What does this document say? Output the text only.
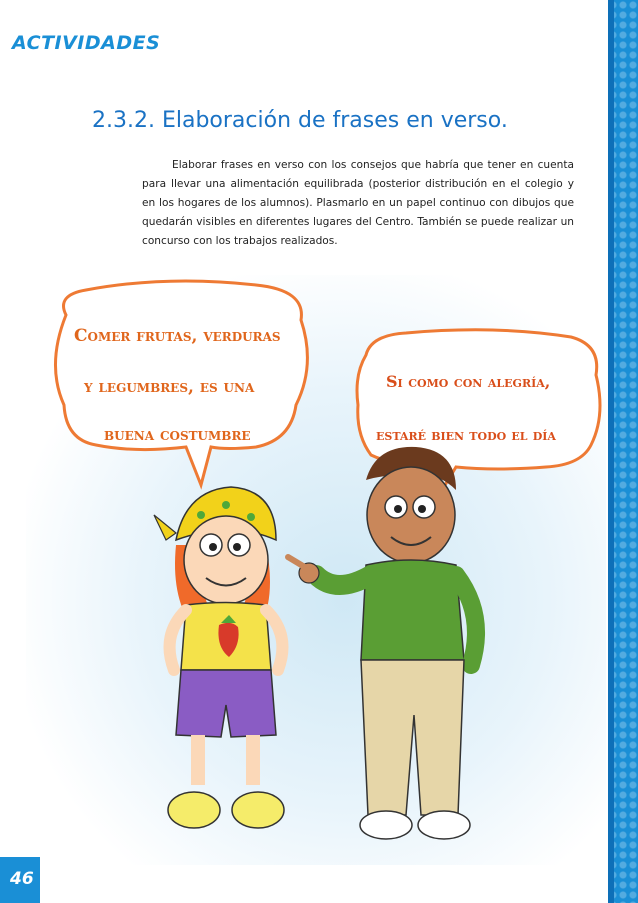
ACTIVIDADES
2.3.2. Elaboración de frases en verso.

Elaborar frases en verso con los consejos que habría que tener en cuenta para llevar una alimentación equilibrada (posterior distribución en el colegio y en los hogares de los alumnos). Plasmarlo en un papel continuo con dibujos que quedarán visibles en diferentes lugares del Centro. También se puede realizar un concurso con los trabajos realizados.

Comer frutas, verduras
y legumbres, es una
buena costumbre
Si como con alegría,
estaré bien todo el día
46
